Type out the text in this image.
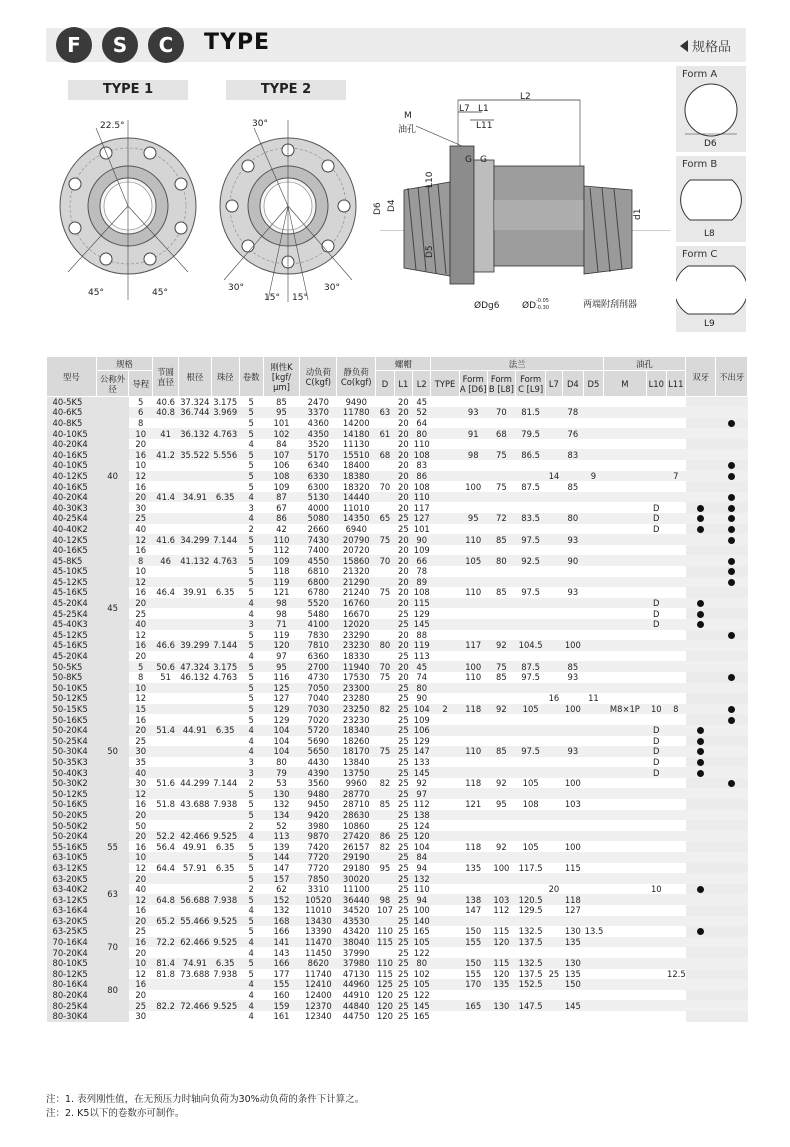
F	S	C	TYPE	规格品
TYPE 1	TYPE 2
22.5°
45°	45°
30°
30°
15° 15°
30°
L2
L7 L1
L11
M
油孔
G G
L10
D6 D4
D5
d1
ØDg6	ØD -0.05
-0.30	两端附刮削器
Form A
D6
Form B
L8
Form C
L9
型号	规格		节圆直径	根径	珠径	卷数	刚性K [kgf/μm]	动负荷 C(kgf)	静负荷 Co(kgf)	螺帽			法兰							油孔			双牙	不出牙
	公称外径	导程								D	L1	L2	TYPE	Form A [D6]	Form B [L8]	Form C [L9]	L7	D4	D5	M	L10	L11		
40-5K5	40	5	40.6	37.324	3.175	5	85	2470	9490		20	45												
40-6K5		6	40.8	36.744	3.969	5	95	3370	11780	63	20	52		93	70	81.5		78						
40-8K5		8				5	101	4360	14200		20	64												
40-10K5		10	41	36.132	4.763	5	102	4350	14180	61	20	80		91	68	79.5		76						
40-20K4		20				4	84	3520	11130		20	110												
40-16K5		16	41.2	35.522	5.556	5	107	5170	15510	68	20	108		98	75	86.5		83						
40-10K5		10				5	106	6340	18400		20	83												
40-12K5		12				5	108	6330	18380		20	86					14		9			7		
40-16K5		16				5	109	6300	18320	70	20	108		100	75	87.5		85						
40-20K4		20	41.4	34.91	6.35	4	87	5130	14440		20	110												
40-30K3		30				3	67	4000	11010		20	117									D			
40-25K4		25				4	86	5080	14350	65	25	127		95	72	83.5		80			D			
40-40K2		40				2	42	2660	6940		25	101									D			
40-12K5		12	41.6	34.299	7.144	5	110	7430	20790	75	20	90		110	85	97.5		93						
40-16K5		16				5	112	7400	20720		20	109												
45-8K5	45	8	46	41.132	4.763	5	109	4550	15860	70	20	66		105	80	92.5		90						
45-10K5		10				5	118	6810	21320		20	78												
45-12K5		12				5	119	6800	21290		20	89												
45-16K5		16	46.4	39.91	6.35	5	121	6780	21240	75	20	108		110	85	97.5		93						
45-20K4		20				4	98	5520	16760		20	115									D			
45-25K4		25				4	98	5480	16670		25	129									D			
45-40K3		40				3	71	4100	12020		25	145									D			
45-12K5		12				5	119	7830	23290		20	88												
45-16K5		16	46.6	39.299	7.144	5	120	7810	23230	80	20	119		117	92	104.5		100						
45-20K4		20				4	97	6360	18330		25	113												
50-5K5	50	5	50.6	47.324	3.175	5	95	2700	11940	70	20	45		100	75	87.5		85						
50-8K5		8	51	46.132	4.763	5	116	4730	17530	75	20	74		110	85	97.5		93						
50-10K5		10				5	125	7050	23300		25	80												
50-12K5		12				5	127	7040	23280		25	90					16		11					
50-15K5		15				5	129	7030	23250	82	25	104	2	118	92	105		100		M8×1P	10	8		
50-16K5		16				5	129	7020	23230		25	109												
50-20K4		20	51.4	44.91	6.35	4	104	5720	18340		25	106									D			
50-25K4		25				4	104	5690	18260		25	129									D			
50-30K4		30				4	104	5650	18170	75	25	147		110	85	97.5		93			D			
50-35K3		35				3	80	4430	13840		25	133									D			
50-40K3		40				3	79	4390	13750		25	145									D			
50-30K2		30	51.6	44.299	7.144	2	53	3560	9960	82	25	92		118	92	105		100						
50-12K5		12				5	130	9480	28770		25	97												
50-16K5		16	51.8	43.688	7.938	5	132	9450	28710	85	25	112		121	95	108		103						
50-20K5		20				5	134	9420	28630		25	138												
50-50K2		50				2	52	3980	10860		25	124												
50-20K4		20	52.2	42.466	9.525	4	113	9870	27420	86	25	120												
55-16K5	55	16	56.4	49.91	6.35	5	139	7420	26157	82	25	104		118	92	105		100						
63-10K5	63	10				5	144	7720	29190		25	84												
63-12K5		12	64.4	57.91	6.35	5	147	7720	29180	95	25	94		135	100	117.5		115						
63-20K5		20				5	157	7850	30020		25	132												
63-40K2		40				2	62	3310	11100		25	110					20				10			
63-12K5		12	64.8	56.688	7.938	5	152	10520	36440	98	25	94		138	103	120.5		118						
63-16K4		16				4	132	11010	34520	107	25	100		147	112	129.5		127						
63-20K5		20	65.2	55.466	9.525	5	168	13430	43530		25	140												
63-25K5		25				5	166	13390	43420	110	25	165		150	115	132.5		130	13.5					
70-16K4	70	16	72.2	62.466	9.525	4	141	11470	38040	115	25	105		155	120	137.5		135						
70-20K4		20				4	143	11450	37990		25	122												
80-10K5	80	10	81.4	74.91	6.35	5	166	8620	37980	110	25	80		150	115	132.5		130						
80-12K5		12	81.8	73.688	7.938	5	177	11740	47130	115	25	102		155	120	137.5	25	135				12.5		
80-16K4		16				4	155	12410	44960	125	25	105		170	135	152.5		150						
80-20K4		20				4	160	12400	44910	120	25	122												
80-25K4		25	82.2	72.466	9.525	4	159	12370	44840	120	25	145		165	130	147.5		145						
80-30K4		30				4	161	12340	44750	120	25	165												
注：1. 表列刚性值，在无预压力时轴向负荷为30%动负荷的条件下计算之。
注：2. K5以下的卷数亦可制作。
